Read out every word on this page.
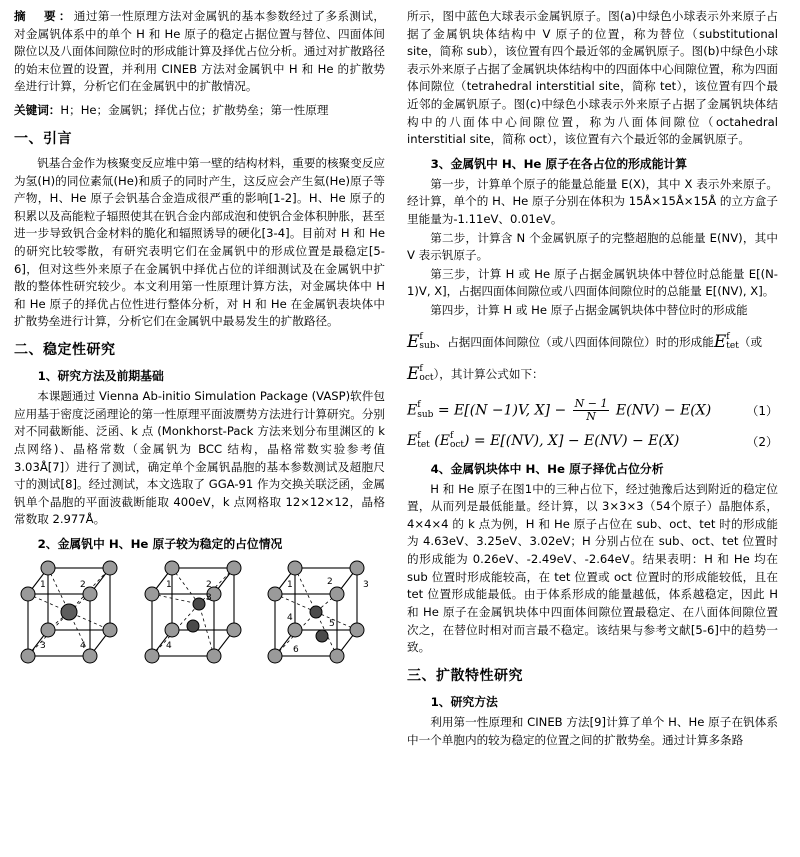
摘　要：通过第一性原理方法对金属钒的基本参数经过了多系测试，对金属钒体系中的单个 H 和 He 原子的稳定占据位置与替位、四面体间隙位以及八面体间隙位时的形成能计算及择优占位分析。通过对扩散路径的始末位置的设置，并利用 CINEB 方法对金属钒中 H 和 He 的扩散势垒进行计算，分析它们在金属钒中的扩散情况。

关键词：H；He；金属钒；择优占位；扩散势垒；第一性原理
一、引言

钒基合金作为核聚变反应堆中第一壁的结构材料，重要的核聚变反应为氢(H)的同位素氚(He)和质子的同时产生，这反应会产生氦(He)原子等产物，H、He 原子会钒基合金造成很严重的影响[1-2]。H、He 原子的积累以及高能粒子辐照使其在钒合金内部成泡和使钒合金体积肿胀，甚至进一步导致钒合金材料的脆化和辐照诱导的硬化[3-4]。目前对 H 和 He 的研究比较零散，有研究表明它们在金属钒中的形成位置是最稳定[5-6]，但对这些外来原子在金属钒中择优占位的详细测试及在金属钒中扩散的整体性研究较少。本文利用第一性原理计算方法，对金属块体中 H 和 He 原子的择优占位性进行整体分析，对 H 和 He 在金属钒表块体中扩散势垒进行计算，分析它们在金属钒中最易发生的扩散路径。

二、稳定性研究
1、研究方法及前期基础

本课题通过 Vienna Ab-initio Simulation Package (VASP)软件包应用基于密度泛函理论的第一性原理平面波赝势方法进行计算研究。分别对不同截断能、泛函、k 点 (Monkhorst-Pack 方法来划分布里渊区的 k 点网络)、晶格常数（金属钒为 BCC 结构，晶格常数实验参考值 3.03Å[7]）进行了测试，确定单个金属钒晶胞的基本参数测试及超胞尺寸的测试[8]。经过测试，本文选取了 GGA-91 作为交换关联泛函，金属钒单个晶胞的平面波截断能取 400eV，k 点网格取 12×12×12，晶格常数取 2.977Å。

2、金属钒中 H、He 原子较为稳定的占位情况
1	2
3	4
1	2
3
4
1	2	3
4
5
6

所示，图中蓝色大球表示金属钒原子。图(a)中绿色小球表示外来原子占据了金属钒块体结构中 V 原子的位置，称为替位（substitutional site，简称 sub），该位置有四个最近邻的金属钒原子。图(b)中绿色小球表示外来原子占据了金属钒块体结构中的四面体中心间隙位置，称为四面体间隙位（tetrahedral interstitial site，简称 tet），该位置有四个最近邻的金属钒原子。图(c)中绿色小球表示外来原子占据了金属钒块体结构中的八面体中心间隙位置，称为八面体间隙位（octahedral interstitial site，简称 oct），该位置有六个最近邻的金属钒原子。

3、金属钒中 H、He 原子在各占位的形成能计算

第一步，计算单个原子的能量总能量 E(X)，其中 X 表示外来原子。经计算，单个的 H、He 原子分别在体积为 15Å×15Å×15Å 的立方盒子里能量为-1.11eV、0.01eV。

第二步，计算含 N 个金属钒原子的完整超胞的总能量 E(NV)，其中 V 表示钒原子。

第三步，计算 H 或 He 原子占据金属钒块体中替位时总能量 E[(N-1)V, X]，占据四面体间隙位或八四面体间隙位时的总能量 E[(NV), X]。

第四步，计算 H 或 He 原子占据金属钒块体中替位时的形成能

E f
sub 、占据四面体间隙位（或八四面体间隙位）时的形成能 E f
tet （或
E f
oct ），其计算公式如下：
E f
sub = E[(N −1)V, $X] - \frac{N - 1}{N} E(NV) - E(X)$	（1）
E f
tet (E f
oct ) = E[(NV), X] − E(NV) − E(X)	（2）
4、金属钒块体中 H、He 原子择优占位分析

H 和 He 原子在图1中的三种占位下，经过弛豫后达到附近的稳定位置，从而列是最低能量。经计算，以 3×3×3（54个原子）晶胞体系，4×4×4 的 k 点为例，H 和 He 原子占位在 sub、oct、tet 时的形成能为 4.63eV、3.25eV、3.02eV；H 分别占位在 sub、oct、tet 位置时的形成能为 0.26eV、-2.49eV、-2.64eV。结果表明：H 和 He 均在 sub 位置时形成能较高，在 tet 位置或 oct 位置时的形成能较低，且在 tet 位置形成能最低。由于体系形成的能量越低，体系越稳定，因此 H 和 He 原子在金属钒块体中四面体间隙位置最稳定、在八面体间隙位置次之，在替位时相对而言最不稳定。该结果与参考文献[5-6]中的趋势一致。

三、扩散特性研究
1、研究方法

利用第一性原理和 CINEB 方法[9]计算了单个 H、He 原子在钒体系中一个单胞内的较为稳定的位置之间的扩散势垒。通过计算多条路
